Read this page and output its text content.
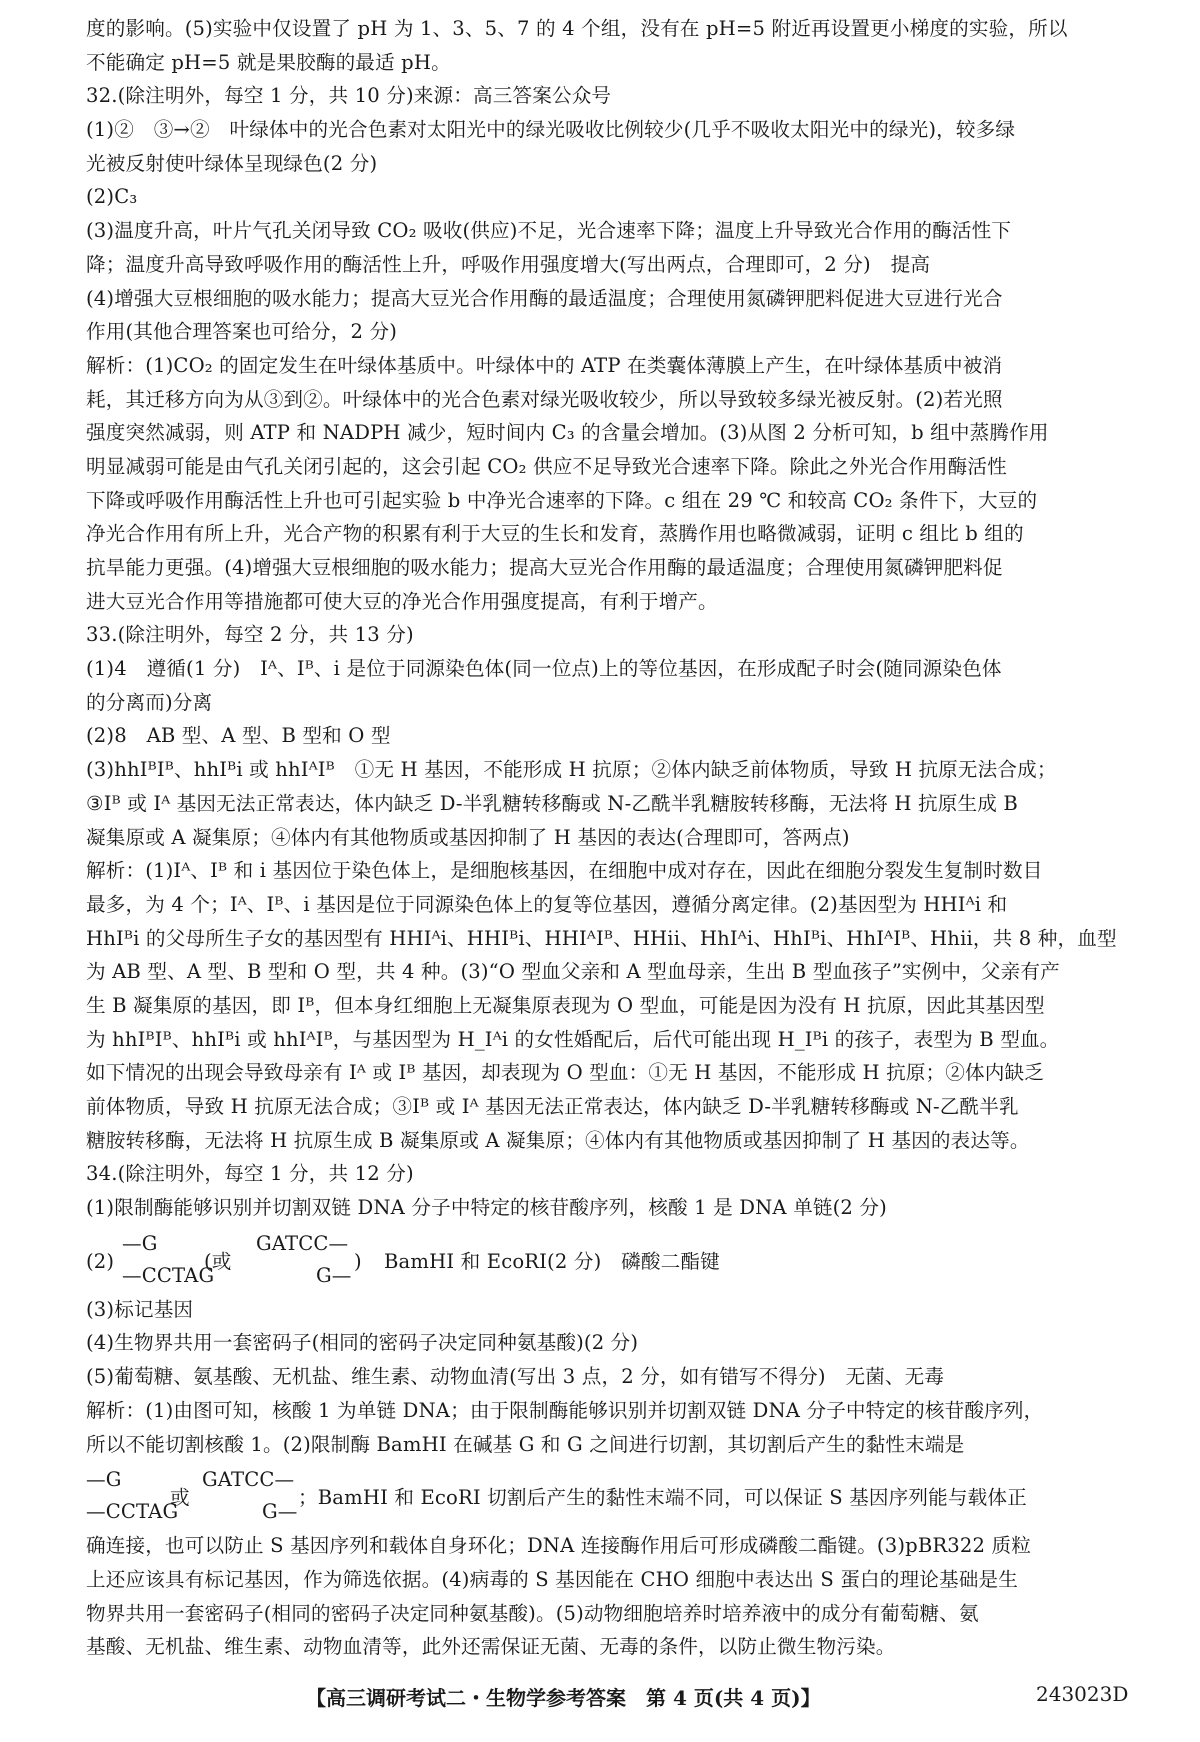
度的影响。(5)实验中仅设置了 pH 为 1、3、5、7 的 4 个组，没有在 pH=5 附近再设置更小梯度的实验，所以
不能确定 pH=5 就是果胶酶的最适 pH。
32.(除注明外，每空 1 分，共 10 分)来源：高三答案公众号
(1)②　③→②　叶绿体中的光合色素对太阳光中的绿光吸收比例较少(几乎不吸收太阳光中的绿光)，较多绿
光被反射使叶绿体呈现绿色(2 分)
(2)C₃
(3)温度升高，叶片气孔关闭导致 CO₂ 吸收(供应)不足，光合速率下降；温度上升导致光合作用的酶活性下
降；温度升高导致呼吸作用的酶活性上升，呼吸作用强度增大(写出两点，合理即可，2 分)　提高
(4)增强大豆根细胞的吸水能力；提高大豆光合作用酶的最适温度；合理使用氮磷钾肥料促进大豆进行光合
作用(其他合理答案也可给分，2 分)
解析：(1)CO₂ 的固定发生在叶绿体基质中。叶绿体中的 ATP 在类囊体薄膜上产生，在叶绿体基质中被消
耗，其迁移方向为从③到②。叶绿体中的光合色素对绿光吸收较少，所以导致较多绿光被反射。(2)若光照
强度突然减弱，则 ATP 和 NADPH 减少，短时间内 C₃ 的含量会增加。(3)从图 2 分析可知，b 组中蒸腾作用
明显减弱可能是由气孔关闭引起的，这会引起 CO₂ 供应不足导致光合速率下降。除此之外光合作用酶活性
下降或呼吸作用酶活性上升也可引起实验 b 中净光合速率的下降。c 组在 29 ℃ 和较高 CO₂ 条件下，大豆的
净光合作用有所上升，光合产物的积累有利于大豆的生长和发育，蒸腾作用也略微减弱，证明 c 组比 b 组的
抗旱能力更强。(4)增强大豆根细胞的吸水能力；提高大豆光合作用酶的最适温度；合理使用氮磷钾肥料促
进大豆光合作用等措施都可使大豆的净光合作用强度提高，有利于增产。
33.(除注明外，每空 2 分，共 13 分)
(1)4　遵循(1 分)　Iᴬ、Iᴮ、i 是位于同源染色体(同一位点)上的等位基因，在形成配子时会(随同源染色体
的分离而)分离
(2)8　AB 型、A 型、B 型和 O 型
(3)hhIᴮIᴮ、hhIᴮi 或 hhIᴬIᴮ　①无 H 基因，不能形成 H 抗原；②体内缺乏前体物质，导致 H 抗原无法合成；
③Iᴮ 或 Iᴬ 基因无法正常表达，体内缺乏 D-半乳糖转移酶或 N-乙酰半乳糖胺转移酶，无法将 H 抗原生成 B
凝集原或 A 凝集原；④体内有其他物质或基因抑制了 H 基因的表达(合理即可，答两点)
解析：(1)Iᴬ、Iᴮ 和 i 基因位于染色体上，是细胞核基因，在细胞中成对存在，因此在细胞分裂发生复制时数目
最多，为 4 个；Iᴬ、Iᴮ、i 基因是位于同源染色体上的复等位基因，遵循分离定律。(2)基因型为 HHIᴬi 和
HhIᴮi 的父母所生子女的基因型有 HHIᴬi、HHIᴮi、HHIᴬIᴮ、HHii、HhIᴬi、HhIᴮi、HhIᴬIᴮ、Hhii，共 8 种，血型
为 AB 型、A 型、B 型和 O 型，共 4 种。(3)“O 型血父亲和 A 型血母亲，生出 B 型血孩子”实例中，父亲有产
生 B 凝集原的基因，即 Iᴮ，但本身红细胞上无凝集原表现为 O 型血，可能是因为没有 H 抗原，因此其基因型
为 hhIᴮIᴮ、hhIᴮi 或 hhIᴬIᴮ，与基因型为 H_Iᴬi 的女性婚配后，后代可能出现 H_Iᴮi 的孩子，表型为 B 型血。
如下情况的出现会导致母亲有 Iᴬ 或 Iᴮ 基因，却表现为 O 型血：①无 H 基因，不能形成 H 抗原；②体内缺乏
前体物质，导致 H 抗原无法合成；③Iᴮ 或 Iᴬ 基因无法正常表达，体内缺乏 D-半乳糖转移酶或 N-乙酰半乳
糖胺转移酶，无法将 H 抗原生成 B 凝集原或 A 凝集原；④体内有其他物质或基因抑制了 H 基因的表达等。
34.(除注明外，每空 1 分，共 12 分)
(1)限制酶能够识别并切割双链 DNA 分子中特定的核苷酸序列，核酸 1 是 DNA 单链(2 分)
(2)
—G
—CCTAG
(或
GATCC—
G—
) BamHⅠ 和 EcoRⅠ(2 分)　磷酸二酯键
(3)标记基因
(4)生物界共用一套密码子(相同的密码子决定同种氨基酸)(2 分)
(5)葡萄糖、氨基酸、无机盐、维生素、动物血清(写出 3 点，2 分，如有错写不得分)　无菌、无毒
解析：(1)由图可知，核酸 1 为单链 DNA；由于限制酶能够识别并切割双链 DNA 分子中特定的核苷酸序列，
所以不能切割核酸 1。(2)限制酶 BamHⅠ 在碱基 G 和 G 之间进行切割，其切割后产生的黏性末端是
—G
—CCTAG
或
GATCC—
G—
；BamHⅠ 和 EcoRⅠ 切割后产生的黏性末端不同，可以保证 S 基因序列能与载体正
确连接，也可以防止 S 基因序列和载体自身环化；DNA 连接酶作用后可形成磷酸二酯键。(3)pBR322 质粒
上还应该具有标记基因，作为筛选依据。(4)病毒的 S 基因能在 CHO 细胞中表达出 S 蛋白的理论基础是生
物界共用一套密码子(相同的密码子决定同种氨基酸)。(5)动物细胞培养时培养液中的成分有葡萄糖、氨
基酸、无机盐、维生素、动物血清等，此外还需保证无菌、无毒的条件，以防止微生物污染。
【高三调研考试二・生物学参考答案　第 4 页(共 4 页)】	243023D
